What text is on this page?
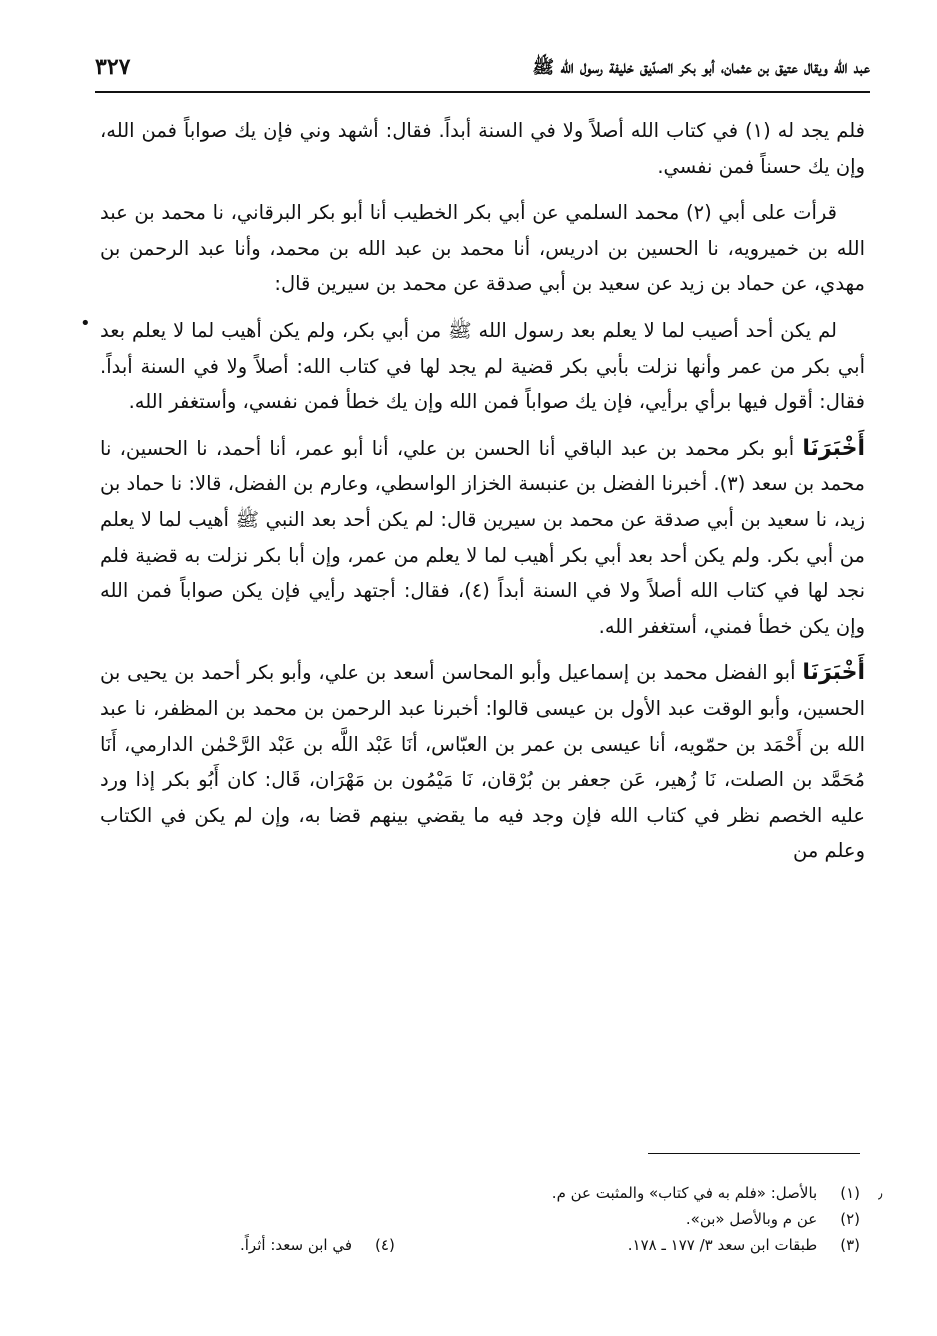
عبد الله ويقال عتيق بن عثمان، أبو بكر الصدّيق خليفة رسول الله ﷺ
٣٢٧
•

فلم يجد له (١) في كتاب الله أصلاً ولا في السنة أبداً. فقال: أشهد وني فإن يك صواباً فمن الله، وإن يك حسناً فمن نفسي.

قرأت على أبي (٢) محمد السلمي عن أبي بكر الخطيب أنا أبو بكر البرقاني، نا محمد بن عبد الله بن خميرويه، نا الحسين بن ادريس، أنا محمد بن عبد الله بن محمد، وأنا عبد الرحمن بن مهدي، عن حماد بن زيد عن سعيد بن أبي صدقة عن محمد بن سيرين قال:

لم يكن أحد أصيب لما لا يعلم بعد رسول الله ﷺ من أبي بكر، ولم يكن أهيب لما لا يعلم بعد أبي بكر من عمر وأنها نزلت بأبي بكر قضية لم يجد لها في كتاب الله: أصلاً ولا في السنة أبداً. فقال: أقول فيها برأي برأيي، فإن يك صواباً فمن الله وإن يك خطأ فمن نفسي، وأستغفر الله.

أَخْبَرَنَا أبو بكر محمد بن عبد الباقي أنا الحسن بن علي، أنا أبو عمر، أنا أحمد، نا الحسين، نا محمد بن سعد (٣). أخبرنا الفضل بن عنبسة الخزاز الواسطي، وعارم بن الفضل، قالا: نا حماد بن زيد، نا سعيد بن أبي صدقة عن محمد بن سيرين قال: لم يكن أحد بعد النبي ﷺ أهيب لما لا يعلم من أبي بكر. ولم يكن أحد بعد أبي بكر أهيب لما لا يعلم من عمر، وإن أبا بكر نزلت به قضية فلم نجد لها في كتاب الله أصلاً ولا في السنة أبداً (٤)، فقال: أجتهد رأيي فإن يكن صواباً فمن الله وإن يكن خطأ فمني، أستغفر الله.

أَخْبَرَنَا أبو الفضل محمد بن إسماعيل وأبو المحاسن أسعد بن علي، وأبو بكر أحمد بن يحيى بن الحسين، وأبو الوقت عبد الأول بن عيسى قالوا: أخبرنا عبد الرحمن بن محمد بن المظفر، نا عبد الله بن أَحْمَد بن حمّويه، أنا عيسى بن عمر بن العبّاس، أنَا عَبْد اللَّه بن عَبْد الرَّحْمٰن الدارمي، أَنَا مُحَمَّد بن الصلت، نَا زُهير، عَن جعفر بن بُرْقان، نَا مَيْمُون بن مَهْرَان، قَال: كان أَبُو بكر إذا ورد عليه الخصم نظر في كتاب الله فإن وجد فيه ما يقضي بينهم قضا به، وإن لم يكن في الكتاب وعلم من

٫
(١) بالأصل: «فلم به في كتاب» والمثبت عن م.
(٢) عن م وبالأصل «بن».
(٣) طبقات ابن سعد ٣/ ١٧٧ ـ ١٧٨.
(٤) في ابن سعد: أثراً.
